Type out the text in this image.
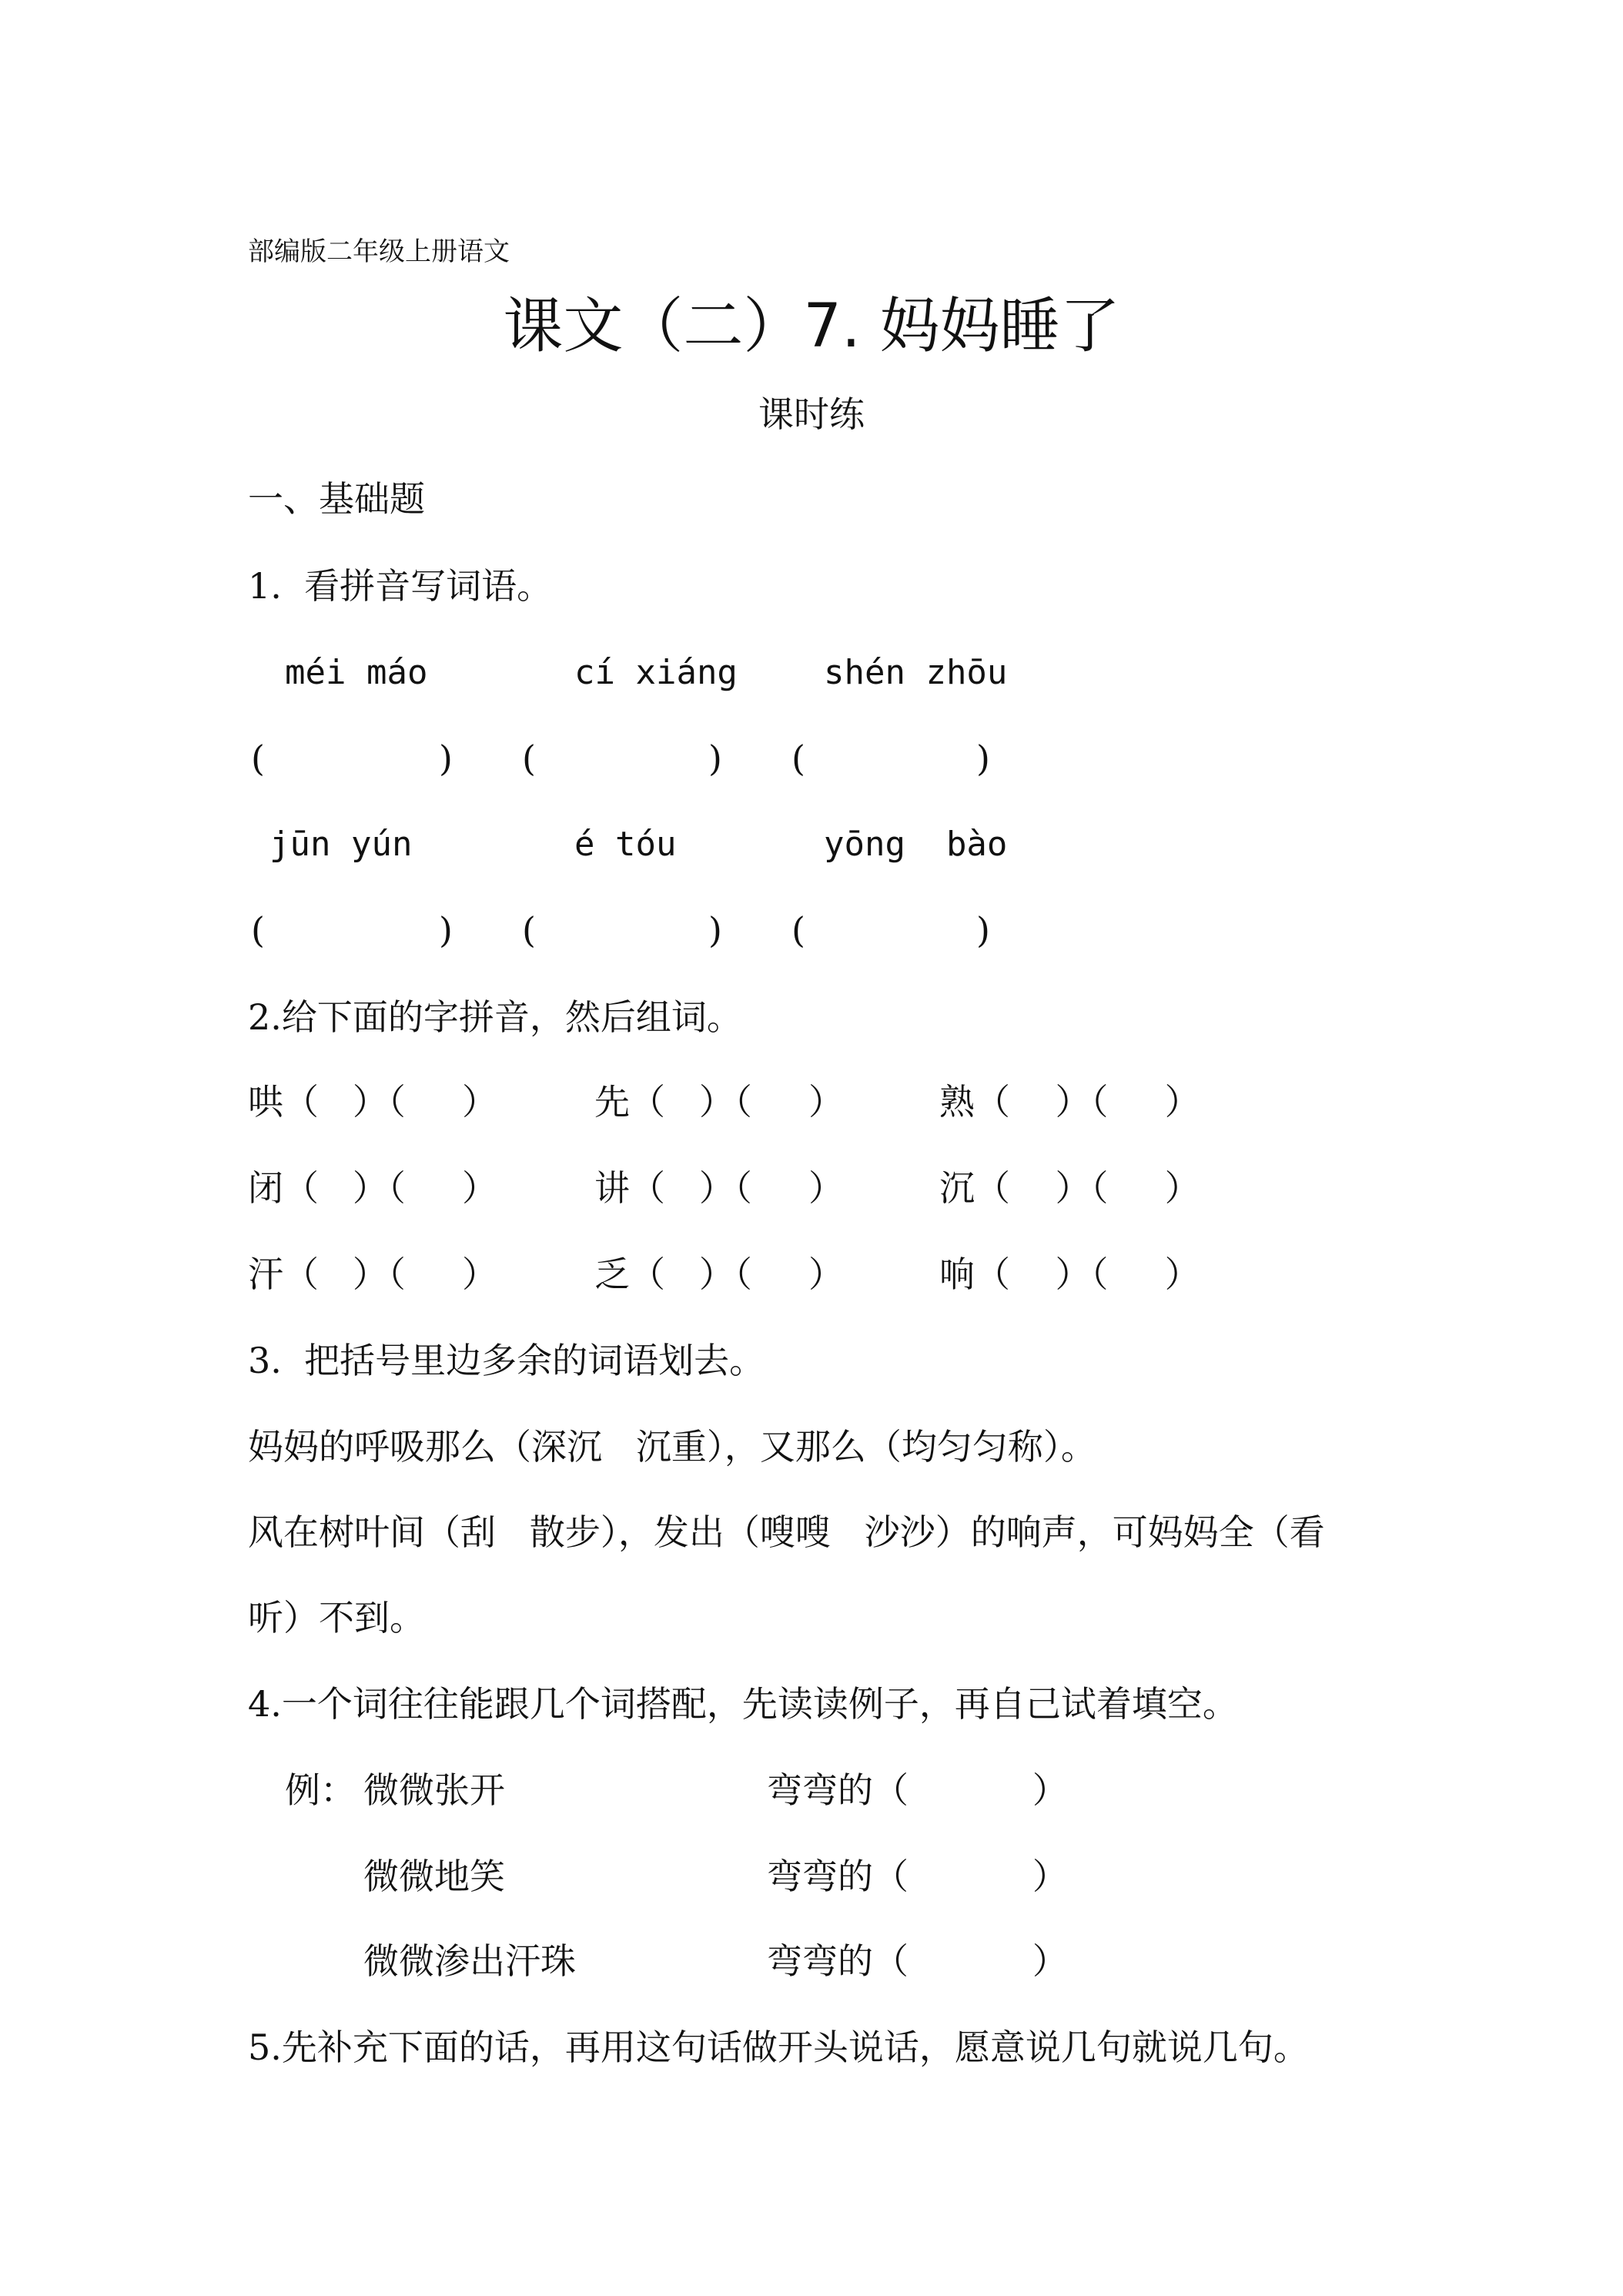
部编版二年级上册语文
课文（二）7. 妈妈睡了
课时练
一、基础题
1.  看拼音写词语。
méi máo	cí xiáng	shén zhōu
(	) (	) (	)
jūn yún	é tóu	yōng  bào
(	) (	) (	)
2.给下面的字拼音，然后组词。
哄（   ）（     ）	先（   ）（     ）	熟（    ）（     ）
闭（   ）（     ）	讲（   ）（     ）	沉（    ）（     ）
汗（   ）（     ）	乏（   ）（     ）	响（    ）（     ）
3.  把括号里边多余的词语划去。
妈妈的呼吸那么（深沉   沉重），又那么（均匀匀称）。
风在树叶间（刮   散步），发出（嗖嗖   沙沙）的响声，可妈妈全（看
听）不到。
4.一个词往往能跟几个词搭配，先读读例子，再自己试着填空。
例： 微微张开	弯弯的（           ）
微微地笑	弯弯的（           ）
微微渗出汗珠	弯弯的（           ）
5.先补充下面的话，再用这句话做开头说话，愿意说几句就说几句。
